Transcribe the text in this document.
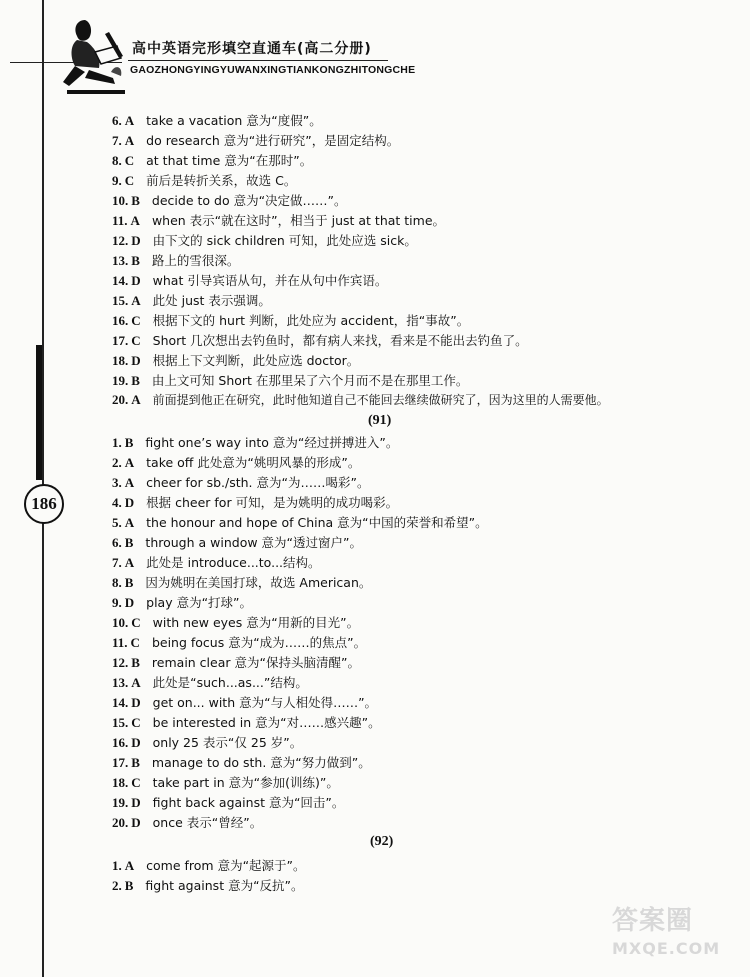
高中英语完形填空直通车(高二分册)
GAOZHONGYINGYUWANXINGTIANKONGZHITONGCHE
186
6. A take a vacation 意为“度假”。
7. A do research 意为“进行研究”，是固定结构。
8. C at that time 意为“在那时”。
9. C 前后是转折关系，故选 C。
10. B decide to do 意为“决定做……”。
11. A when 表示“就在这时”，相当于 just at that time。
12. D 由下文的 sick children 可知，此处应选 sick。
13. B 路上的雪很深。
14. D what 引导宾语从句，并在从句中作宾语。
15. A 此处 just 表示强调。
16. C 根据下文的 hurt 判断，此处应为 accident，指“事故”。
17. C Short 几次想出去钓鱼时，都有病人来找，看来是不能出去钓鱼了。
18. D 根据上下文判断，此处应选 doctor。
19. B 由上文可知 Short 在那里呆了六个月而不是在那里工作。
20. A 前面提到他正在研究，此时他知道自己不能回去继续做研究了，因为这里的人需要他。
(91)
1. B fight one’s way into 意为“经过拼搏进入”。
2. A take off 此处意为“姚明风暴的形成”。
3. A cheer for sb./sth. 意为“为……喝彩”。
4. D 根据 cheer for 可知，是为姚明的成功喝彩。
5. A the honour and hope of China 意为“中国的荣誉和希望”。
6. B through a window 意为“透过窗户”。
7. A 此处是 introduce...to...结构。
8. B 因为姚明在美国打球，故选 American。
9. D play 意为“打球”。
10. C with new eyes 意为“用新的目光”。
11. C being focus 意为“成为……的焦点”。
12. B remain clear 意为“保持头脑清醒”。
13. A 此处是“such...as...”结构。
14. D get on... with 意为“与人相处得……”。
15. C be interested in 意为“对……感兴趣”。
16. D only 25 表示“仅 25 岁”。
17. B manage to do sth. 意为“努力做到”。
18. C take part in 意为“参加(训练)”。
19. D fight back against 意为“回击”。
20. D once 表示“曾经”。
(92)
1. A come from 意为“起源于”。
2. B fight against 意为“反抗”。
答案圈
MXQE.COM
